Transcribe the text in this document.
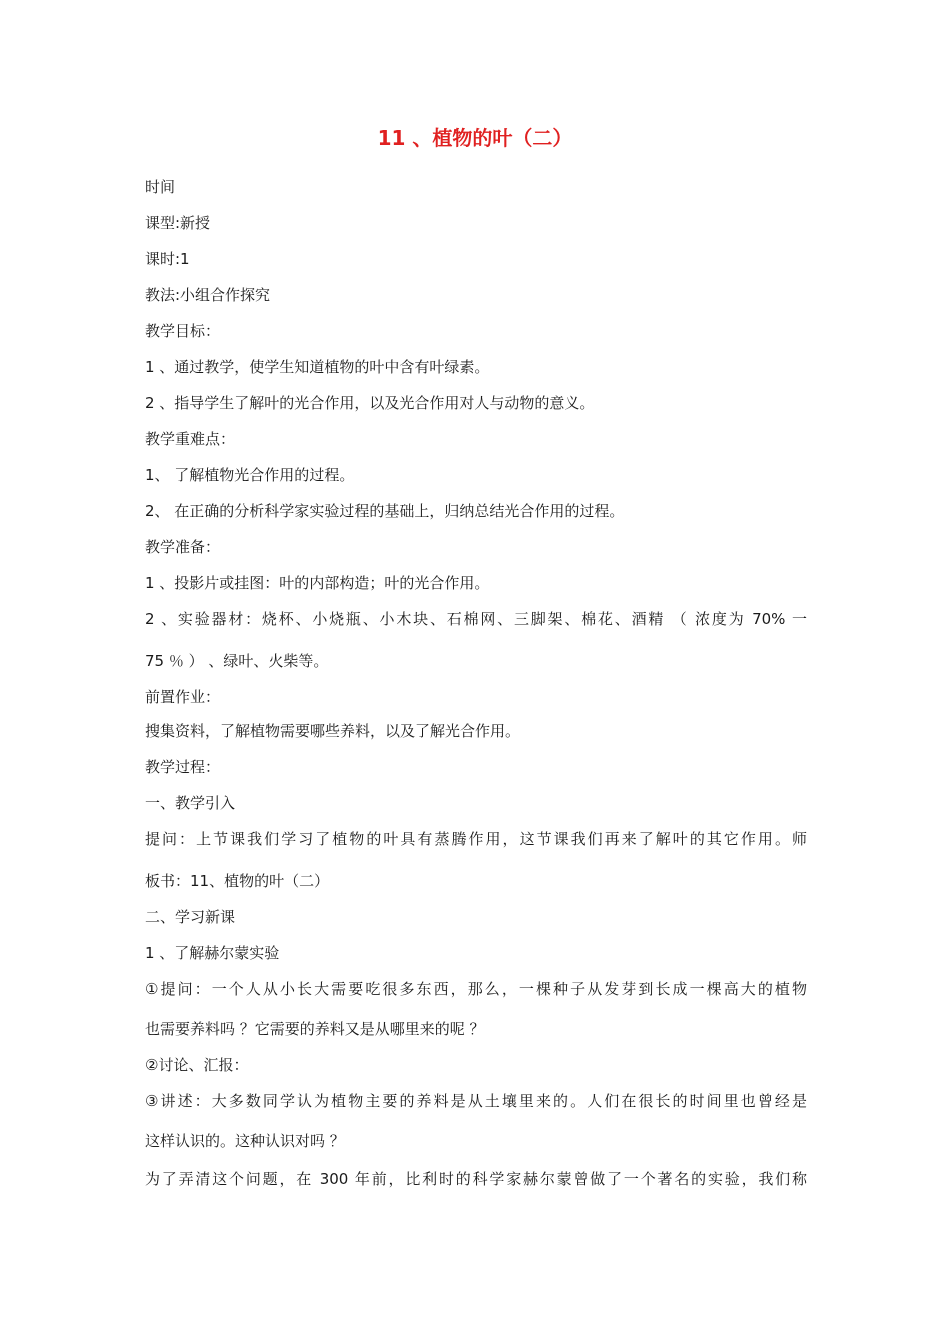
11 、植物的叶（二）
时间
课型:新授
课时:1
教法:小组合作探究
教学目标：
1 、通过教学，使学生知道植物的叶中含有叶绿素。
2 、指导学生了解叶的光合作用，以及光合作用对人与动物的意义。
教学重难点：
1、 了解植物光合作用的过程。
2、 在正确的分析科学家实验过程的基础上，归纳总结光合作用的过程。
教学准备：
1 、投影片或挂图：叶的内部构造；叶的光合作用。
2 、实验器材：烧杯、小烧瓶、小木块、石棉网、三脚架、棉花、酒精 （ 浓度为 70% 一
75 ％ ） 、绿叶、火柴等。
前置作业：
搜集资料，了解植物需要哪些养料，以及了解光合作用。
教学过程：
一、教学引入
提问：上节课我们学习了植物的叶具有蒸腾作用，这节课我们再来了解叶的其它作用。师
板书：11、植物的叶（二）
二、学习新课
1 、了解赫尔蒙实验
①提问：一个人从小长大需要吃很多东西，那么，一棵种子从发芽到长成一棵高大的植物
也需要养料吗 ？它需要的养料又是从哪里来的呢 ？
②讨论、汇报：
③讲述：大多数同学认为植物主要的养料是从土壤里来的。人们在很长的时间里也曾经是
这样认识的。这种认识对吗 ？
为了弄清这个问题，在 300 年前，比利时的科学家赫尔蒙曾做了一个著名的实验，我们称
